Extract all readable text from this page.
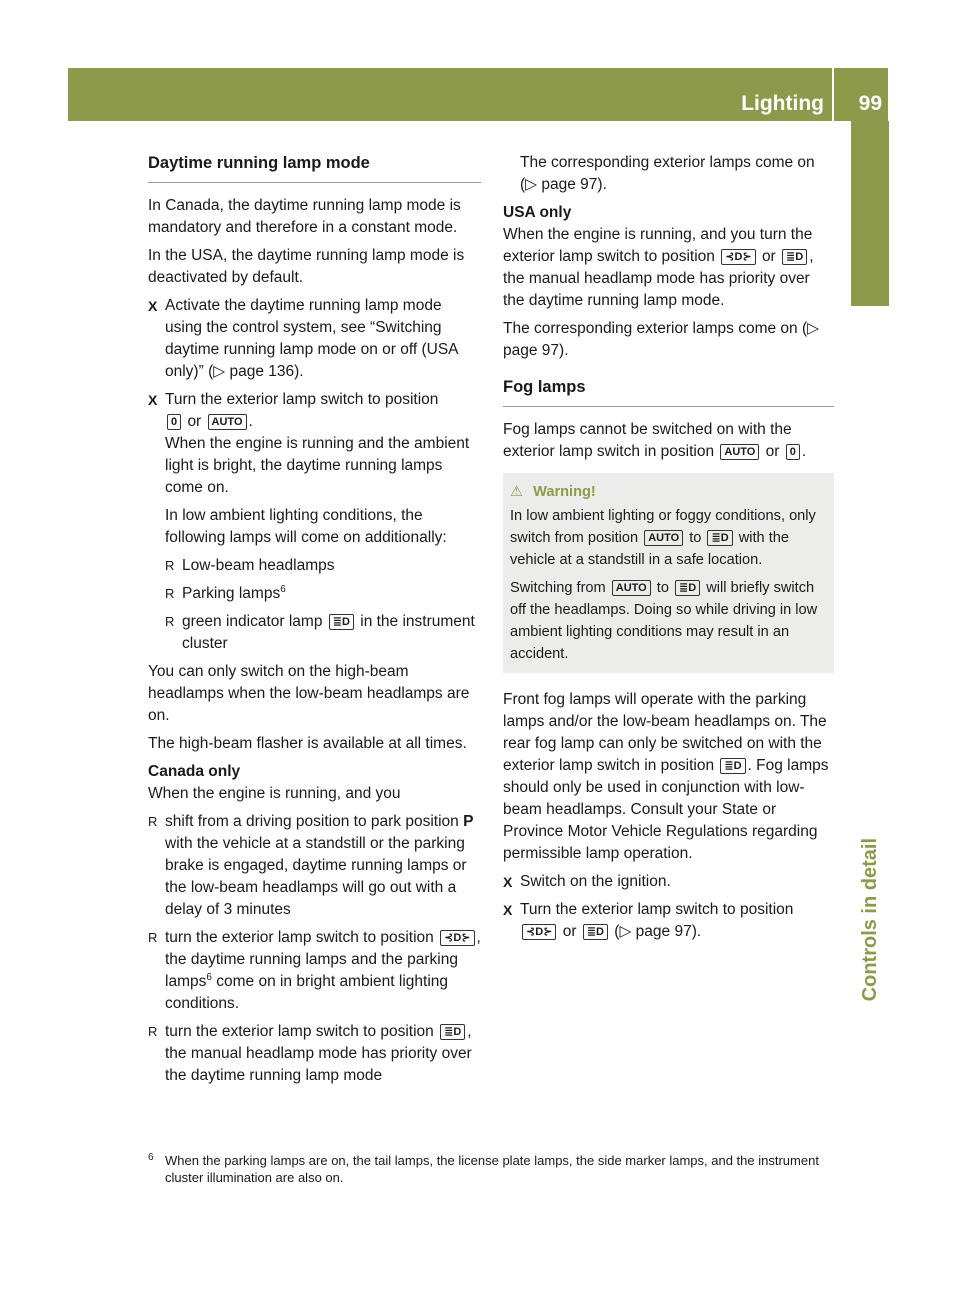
Lighting 99
Controls in detail
Daytime running lamp mode

In Canada, the daytime running lamp mode is mandatory and therefore in a constant mode.

In the USA, the daytime running lamp mode is deactivated by default.

X Activate the daytime running lamp mode using the control system, see “Switching daytime running lamp mode on or off (USA only)” (▷ page 136).
X Turn the exterior lamp switch to position
0 or AUTO .
When the engine is running and the ambient light is bright, the daytime running lamps come on.
In low ambient lighting conditions, the following lamps will come on additionally:
R Low-beam headlamps
R Parking lamps$^6$
R green indicator lamp ≣D in the instrument cluster

You can only switch on the high-beam headlamps when the low-beam headlamps are on.

The high-beam flasher is available at all times.

Canada only

When the engine is running, and you

R shift from a driving position to park position P with the vehicle at a standstill or the parking brake is engaged, daytime running lamps or the low-beam headlamps will go out with a delay of 3 minutes
R turn the exterior lamp switch to position ⊰D⊱ , the daytime running lamps and the parking lamps$^6$ come on in bright ambient lighting conditions.
R turn the exterior lamp switch to position ≣D , the manual headlamp mode has priority over the daytime running lamp mode

The corresponding exterior lamps come on (▷ page 97).

USA only

When the engine is running, and you turn the exterior lamp switch to position ⊰D⊱ or ≣D , the manual headlamp mode has priority over the daytime running lamp mode.

The corresponding exterior lamps come on (▷ page 97).

Fog lamps

Fog lamps cannot be switched on with the exterior lamp switch in position AUTO or 0 .

⚠ Warning!

In low ambient lighting or foggy conditions, only switch from position AUTO to ≣D with the vehicle at a standstill in a safe location.

Switching from AUTO to ≣D will briefly switch off the headlamps. Doing so while driving in low ambient lighting conditions may result in an accident.

Front fog lamps will operate with the parking lamps and/or the low-beam headlamps on. The rear fog lamp can only be switched on with the exterior lamp switch in position ≣D . Fog lamps should only be used in conjunction with low-beam headlamps. Consult your State or Province Motor Vehicle Regulations regarding permissible lamp operation.

X Switch on the ignition.
X Turn the exterior lamp switch to position
⊰D⊱ or ≣D (▷ page 97).
6 When the parking lamps are on, the tail lamps, the license plate lamps, the side marker lamps, and the instrument cluster illumination are also on.
